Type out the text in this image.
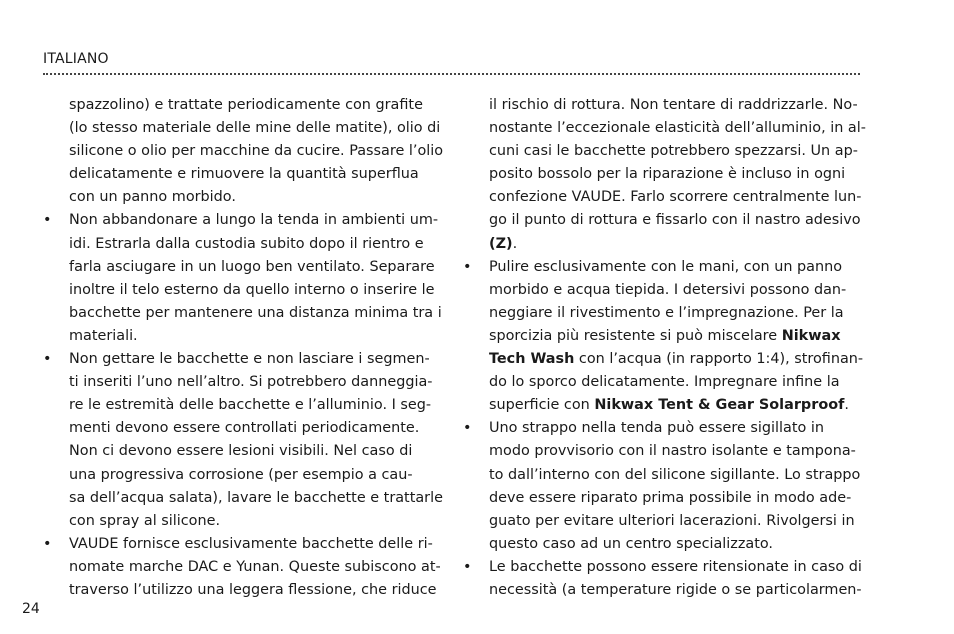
ITALIANO
spazzolino) e trattate periodicamente con grafite
(lo stesso materiale delle mine delle matite), olio di
silicone o olio per macchine da cucire. Passare l’olio
delicatamente e rimuovere la quantità superflua
con un panno morbido.
• Non abbandonare a lungo la tenda in ambienti um-
idi. Estrarla dalla custodia subito dopo il rientro e
farla asciugare in un luogo ben ventilato. Separare
inoltre il telo esterno da quello interno o inserire le
bacchette per mantenere una distanza minima tra i
materiali.
• Non gettare le bacchette e non lasciare i segmen-
ti inseriti l’uno nell’altro. Si potrebbero danneggia-
re le estremità delle bacchette e l’alluminio. I seg-
menti devono essere controllati periodicamente.
Non ci devono essere lesioni visibili. Nel caso di
una progressiva corrosione (per esempio a cau-
sa dell’acqua salata), lavare le bacchette e trattarle
con spray al silicone.
• VAUDE fornisce esclusivamente bacchette delle ri-
nomate marche DAC e Yunan. Queste subiscono at-
traverso l’utilizzo una leggera flessione, che riduce
il rischio di rottura. Non tentare di raddrizzarle. No-
nostante l’eccezionale elasticità dell’alluminio, in al-
cuni casi le bacchette potrebbero spezzarsi. Un ap-
posito bossolo per la riparazione è incluso in ogni
confezione VAUDE. Farlo scorrere centralmente lun-
go il punto di rottura e fissarlo con il nastro adesivo
(Z).
• Pulire esclusivamente con le mani, con un panno
morbido e acqua tiepida. I detersivi possono dan-
neggiare il rivestimento e l’impregnazione. Per la
sporcizia più resistente si può miscelare Nikwax
Tech Wash con l’acqua (in rapporto 1:4), strofinan-
do lo sporco delicatamente. Impregnare infine la
superficie con Nikwax Tent & Gear Solarproof.
• Uno strappo nella tenda può essere sigillato in
modo provvisorio con il nastro isolante e tampona-
to dall’interno con del silicone sigillante. Lo strappo
deve essere riparato prima possibile in modo ade-
guato per evitare ulteriori lacerazioni. Rivolgersi in
questo caso ad un centro specializzato.
• Le bacchette possono essere ritensionate in caso di
necessità (a temperature rigide o se particolarmen-
24
